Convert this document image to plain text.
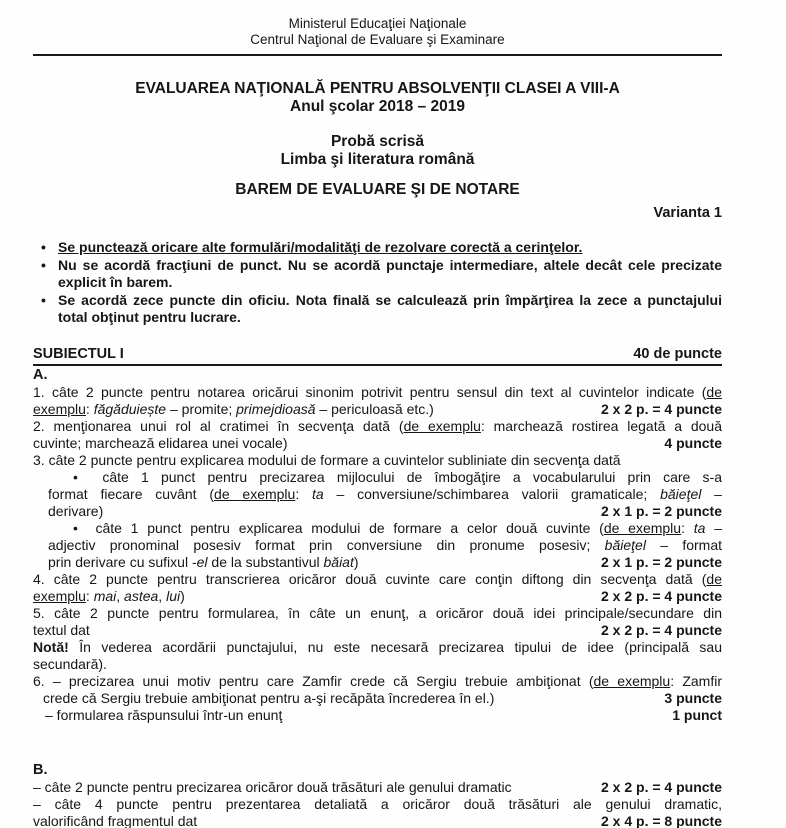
Ministerul Educaţiei Naţionale
Centrul Naţional de Evaluare şi Examinare
EVALUAREA NAŢIONALĂ PENTRU ABSOLVENŢII CLASEI A VIII-A
Anul şcolar 2018 – 2019
Probă scrisă
Limba şi literatura română
BAREM DE EVALUARE ŞI DE NOTARE
Varianta 1
• Se punctează oricare alte formulări/modalităţi de rezolvare corectă a cerinţelor.
• Nu se acordă fracţiuni de punct. Nu se acordă punctaje intermediare, altele decât cele precizate explicit în barem.
• Se acordă zece puncte din oficiu. Nota finală se calculează prin împărţirea la zece a punctajului total obţinut pentru lucrare.
SUBIECTUL I	40 de puncte
A.
1. câte 2 puncte pentru notarea oricărui sinonim potrivit pentru sensul din text al cuvintelor indicate (de
exemplu: făgăduiește – promite; primejdioasă – periculoasă etc.)	2 x 2 p. = 4 puncte
2. menţionarea unui rol al cratimei în secvenţa dată (de exemplu: marchează rostirea legată a două
cuvinte; marchează elidarea unei vocale)	4 puncte
3. câte 2 puncte pentru explicarea modului de formare a cuvintelor subliniate din secvenţa dată
•  câte 1 punct pentru precizarea mijlocului de îmbogăţire a vocabularului prin care s-a
format fiecare cuvânt (de exemplu: ta – conversiune/schimbarea valorii gramaticale; băieţel –
derivare)	2 x 1 p. = 2 puncte
•  câte 1 punct pentru explicarea modului de formare a celor două cuvinte (de exemplu: ta –
adjectiv pronominal posesiv format prin conversiune din pronume posesiv; băieţel – format
prin derivare cu sufixul -el de la substantivul băiat)	2 x 1 p. = 2 puncte
4. câte 2 puncte pentru transcrierea oricăror două cuvinte care conţin diftong din secvenţa dată (de
exemplu: mai, astea, lui)	2 x 2 p. = 4 puncte
5. câte 2 puncte pentru formularea, în câte un enunţ, a oricăror două idei principale/secundare din
textul dat	2 x 2 p. = 4 puncte
Notă! În vederea acordării punctajului, nu este necesară precizarea tipului de idee (principală sau
secundară).
6. – precizarea unui motiv pentru care Zamfir crede că Sergiu trebuie ambiţionat (de exemplu: Zamfir
crede că Sergiu trebuie ambiţionat pentru a-şi recăpăta încrederea în el.)	3 puncte
– formularea răspunsului într-un enunţ	1 punct
B.
– câte 2 puncte pentru precizarea oricăror două trăsături ale genului dramatic	2 x 2 p. = 4 puncte
– câte 4 puncte pentru prezentarea detaliată a oricăror două trăsături ale genului dramatic,
valorificând fragmentul dat	2 x 4 p. = 8 puncte
